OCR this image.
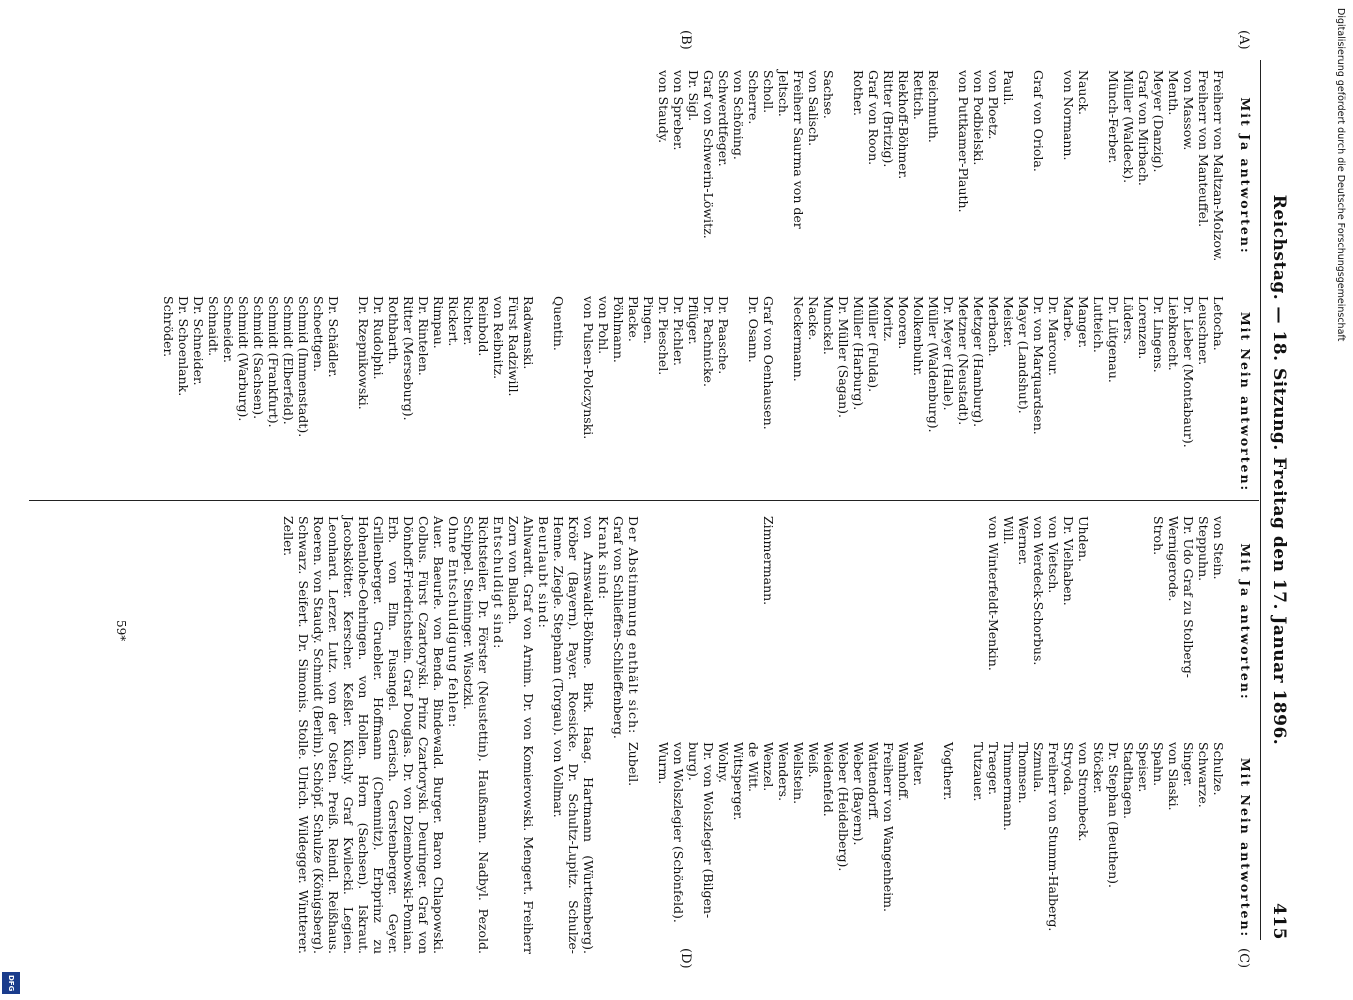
Reichstag. — 18. Sitzung. Freitag den 17. Januar 1896.
415
(A)
(B)
(C)
(D)
Mit Ja antworten:
Freiherr von Maltzan-Molzow.
Freiherr von Manteuffel.
von Massow.
Menth.
Meyer (Danzig).
Graf von Mirbach.
Müller (Waldeck).
Münch-Ferber.
Nauck.
von Normann.
Graf von Oriola.
Pauli.
von Ploetz.
von Podbielski.
von Puttkamer-Plauth.
Reichmuth.
Rettich.
Riekhoff-Böhmer.
Ritter (Britzig).
Graf von Roon.
Rother.
Sachse.
von Salisch.
Freiherr Saurma von der
Jeltsch.
Scholl.
Scherre.
von Schöning.
Schwerdtfeger.
Graf von Schwerin-Löwitz.
Dr. Sigl.
von Spreber.
von Staudy.
Mit Nein antworten:
Letocha.
Leuschner.
Dr. Lieber (Montabaur).
Liebknecht.
Dr. Lingens.
Lorenzen.
Lüders.
Dr. Lütgenau.
Lutteich.
Manger.
Marbe.
Dr. Marcour.
Dr. von Marquardsen.
Mayer (Landshut).
Meister.
Merbach.
Metzger (Hamburg).
Metzner (Neustadt).
Dr. Meyer (Halle).
Müller (Waldenburg).
Molkenbuhr.
Mooren.
Moritz.
Müller (Fulda).
Müller (Harburg).
Dr. Müller (Sagan).
Munckel.
Nacke.
Neckermann.
Graf von Oenhausen.
Dr. Osann.
Dr. Paasche.
Dr. Pachnicke.
Pflüger.
Dr. Pichler.
Dr. Pieschel.
Pingen.
Placke.
Pöhlmann.
von Pohl.
von Pulsen-Polczynski.
Quentin.
Radwanski.
Fürst Radziwill.
von Reibnitz.
Reinbold.
Richter.
Rickert.
Rimpau.
Dr. Rintelen.
Ritter (Merseburg).
Rothbarth.
Dr. Rudolphi.
Dr. Rzepnikowski.
Dr. Schädler.
Schoettgen.
Schmid (Immenstadt).
Schmidt (Elberfeld).
Schmidt (Frankfurt).
Schmidt (Sachsen).
Schmidt (Warburg).
Schneider.
Schnaidt.
Dr. Schneider.
Dr. Schoenlank.
Schröder.
Mit Ja antworten:
von Stein.
Steppuhn.
Dr. Udo Graf zu Stolberg-
Wernigerode.
Stroh.
Uhden.
Dr. Vielhaben.
von Vietsch.
von Werdeck-Schorbus.
Werner.
Will.
von Winterfeldt-Menkin.
Zimmermann.
Mit Nein antworten:
Schulze.
Schwarze.
Singer.
von Slaski.
Spahn.
Speiser.
Stadthagen.
Dr. Stephan (Beuthen).
Stöcker.
von Strombeck.
Stryoda.
Freiherr von Stumm-Halberg.
Szmula.
Thomsen.
Timmermann.
Traeger.
Tutzauer.
Vogtherr.
Walter.
Wamhoff.
Freiherr von Wangenheim.
Wattendorff.
Weber (Bayern).
Weber (Heidelberg).
Weidenfeld.
Weiß.
Wellstein.
Wenders.
Wenzel.
de Witt.
Wittsperger.
Wolny.
Dr. von Wolszlegier (Bilgen-
burg).
von Wolszlegier (Schönfeld).
Wurm.
Zubeil.

Der Abstimmung enthält sich:

Graf von Schlieffen-Schlieffenberg.

Krank sind:

von Arnswaldt-Böhme. Birk. Haag. Hartmann (Württemberg). Kröber (Bayern). Payer. Roesicke. Dr. Schultz-Lupitz. Schulze-Henne. Ziegle. Stephann (Torgau). von Vollmar.

Beurlaubt sind:

Ahlwardt. Graf von Arnim. Dr. von Komierowski. Mengert. Freiherr Zorn von Bulach.

Entschuldigt sind:

Richtsteiler. Dr. Förster (Neustettin). Haußmann. Nadbyl. Pezold. Schippel. Steininger. Wisotzki.

Ohne Entschuldigung fehlen:

Auer. Baeurle. von Benda. Bindewald. Burger. Baron Chlapowski. Colbus. Fürst Czartoryski. Prinz Czartoryski. Deuringer. Graf von Dönhoff-Friedrichstein. Graf Douglas. Dr. von Dziembowski-Pomian. Erb. von Elm. Fusangel. Gerisch. Gerstenberger. Geyer. Grillenberger. Gruebler. Hoffmann (Chemnitz). Erbprinz zu Hohenlohe-Oehringen. von Hollen. Horn (Sachsen). Iskraut. Jacobskötter. Kerscher. Keßler. Küchly. Graf Kwilecki. Legien. Leonhard. Lerzer. Lutz. von der Osten. Preiß. Reindl. Reißhaus. Roeren. von Staudy. Schmidt (Berlin). Schöpf. Schulze (Königsberg). Schwarz. Seifert. Dr. Simonis. Stolle. Ulrich. Wildegger. Wintterer. Zeller.

59*
Digitalisierung gefördert durch die Deutsche Forschungsgemeinschaft
DFG
